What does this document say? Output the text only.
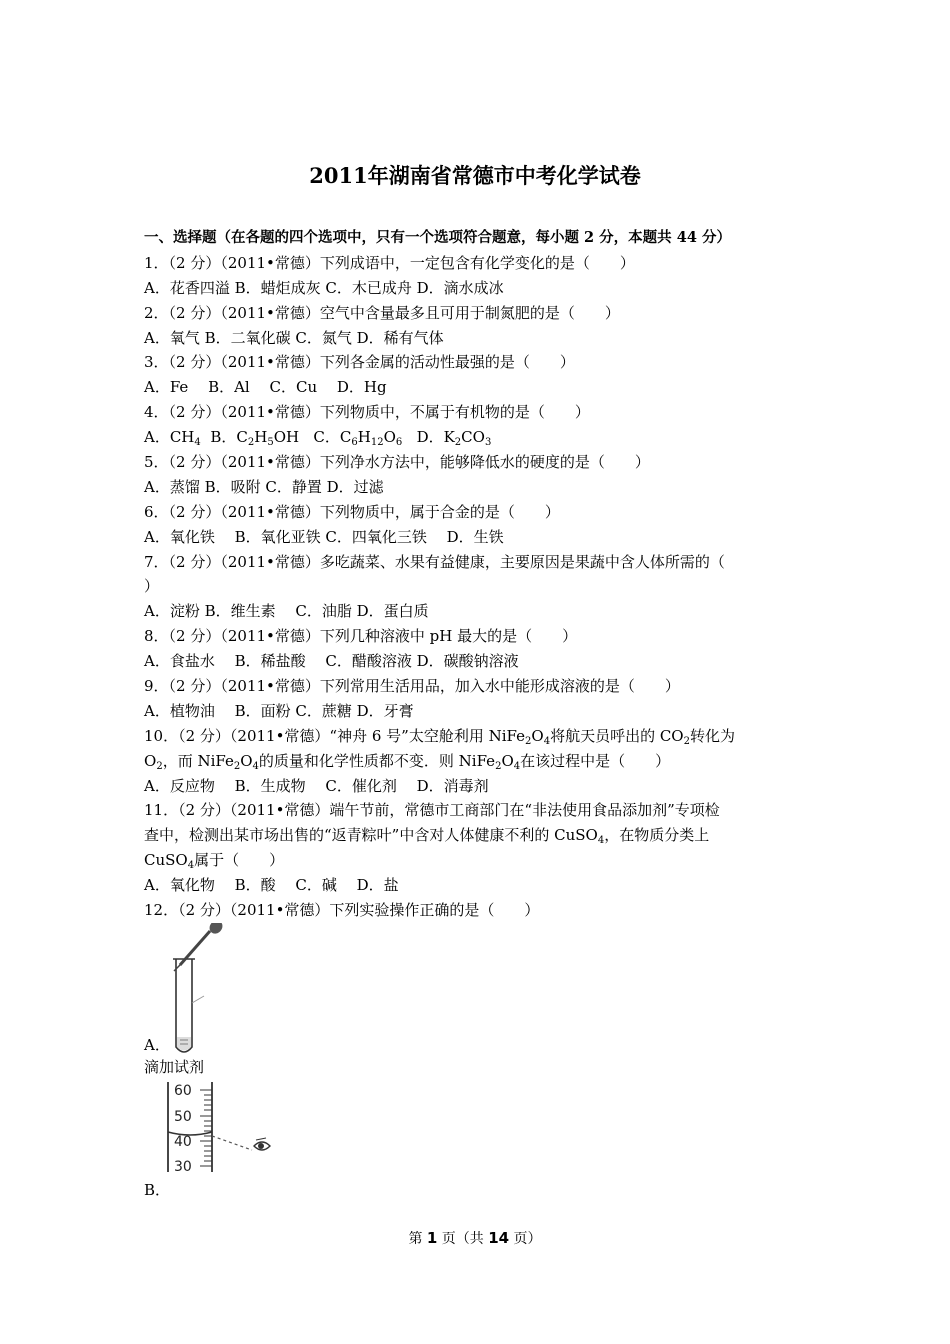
2011年湖南省常德市中考化学试卷
一、选择题（在各题的四个选项中，只有一个选项符合题意，每小题 2 分，本题共 44 分）
1．（2 分）（2011•常德）下列成语中，一定包含有化学变化的是（　　）
A．花香四溢 B．蜡炬成灰 C．木已成舟 D．滴水成冰
2．（2 分）（2011•常德）空气中含量最多且可用于制氮肥的是（　　）
A．氧气 B．二氧化碳 C．氮气 D．稀有气体
3．（2 分）（2011•常德）下列各金属的活动性最强的是（　　）
A．Fe　 B．Al　 C．Cu　 D．Hg
4．（2 分）（2011•常德）下列物质中，不属于有机物的是（　　）
A．$CH_4$ B．$C_2H_5OH$ C．$C_6H_{12}O_6$ D．$K_2CO_3$
5．（2 分）（2011•常德）下列净水方法中，能够降低水的硬度的是（　　）
A．蒸馏 B．吸附 C．静置 D．过滤
6．（2 分）（2011•常德）下列物质中，属于合金的是（　　）
A．氧化铁　 B．氧化亚铁 C．四氧化三铁　 D．生铁
7．（2 分）（2011•常德）多吃蔬菜、水果有益健康，主要原因是果蔬中含人体所需的（
）
A．淀粉 B．维生素　 C．油脂 D．蛋白质
8．（2 分）（2011•常德）下列几种溶液中 pH 最大的是（　　）
A．食盐水　 B．稀盐酸　 C．醋酸溶液 D．碳酸钠溶液
9．（2 分）（2011•常德）下列常用生活用品，加入水中能形成溶液的是（　　）
A．植物油　 B．面粉 C．蔗糖 D．牙膏
10．（2 分）（2011•常德）“神舟 6 号”太空舱利用 $NiFe_2O_4$将航天员呼出的 $CO_2$转化为
$O_2$，而 $NiFe_2O_4$的质量和化学性质都不变．则 $NiFe_2O_4$在该过程中是（　　）
A．反应物　 B．生成物　 C．催化剂　 D．消毒剂
11．（2 分）（2011•常德）端午节前，常德市工商部门在“非法使用食品添加剂”专项检
查中，检测出某市场出售的“返青粽叶”中含对人体健康不利的 CuSO$_4$，在物质分类上
CuSO$_4$属于（　　）
A．氧化物　 B．酸　 C．碱　 D．盐
12．（2 分）（2011•常德）下列实验操作正确的是（　　）
A．
滴加试剂
60
50
40
30
B．
第 1 页（共 14 页）
